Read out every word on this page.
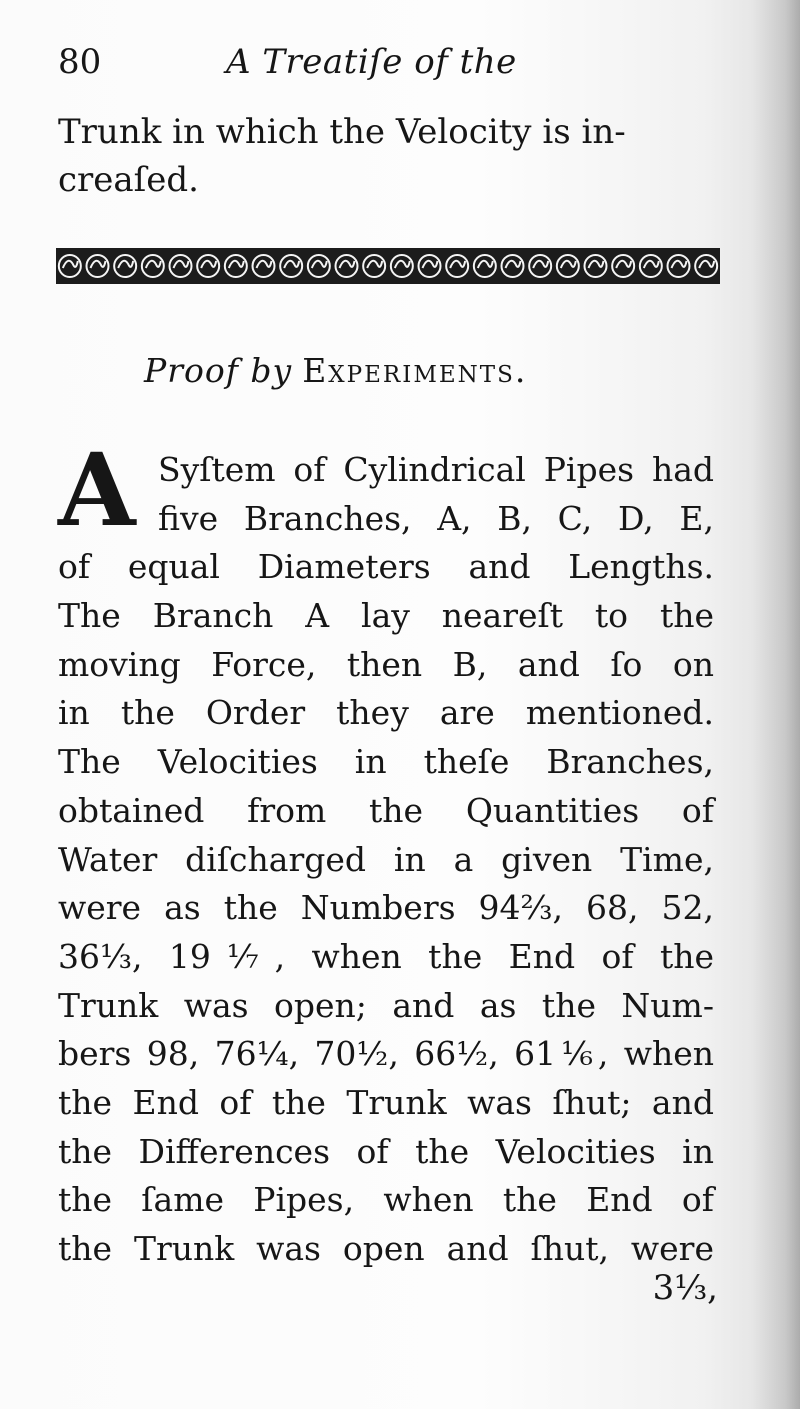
80	A Treatiſe of the
Trunk in which the Velocity is in-
creaſed.
Proof by Experiments.
A Syſtem of Cylindrical Pipes had
five Branches, A, B, C, D, E,
of equal Diameters and Lengths.
The Branch A lay neareſt to the
moving Force, then B, and ſo on
in the Order they are mentioned.
The Velocities in theſe Branches,
obtained from the Quantities of
Water diſcharged in a given Time,
were as the Numbers 94⅔, 68, 52,
36⅓, 19⅐, when the End of the
Trunk was open; and as the Num-
bers 98, 76¼, 70½, 66½, 61⅙, when
the End of the Trunk was ſhut; and
the Differences of the Velocities in
the ſame Pipes, when the End of
the Trunk was open and ſhut, were
3⅓,
